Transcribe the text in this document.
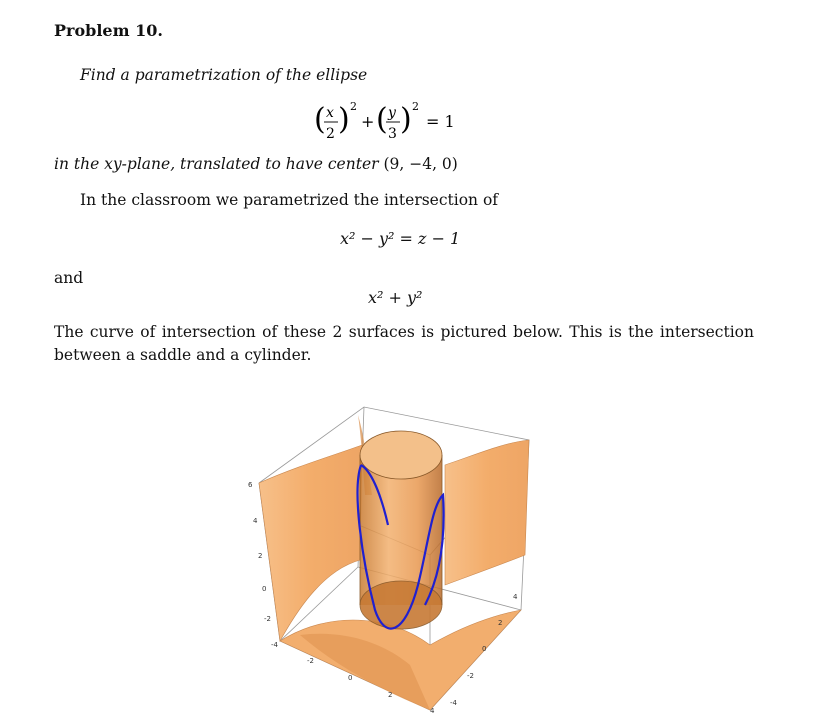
Problem 10.
Find a parametrization of the ellipse
( x
2 ) 2
+ ( y
3 ) 2
= 1
in the xy-plane, translated to have center (9, −4, 0)
In the classroom we parametrized the intersection of
x² − y² = z − 1
and
x² + y²
The curve of intersection of these 2 surfaces is pictured below. This is the intersection between a saddle and a cylinder.
6
4
2
0
-2
-4
-2
0
2
4
4
2
0
-2
-4
